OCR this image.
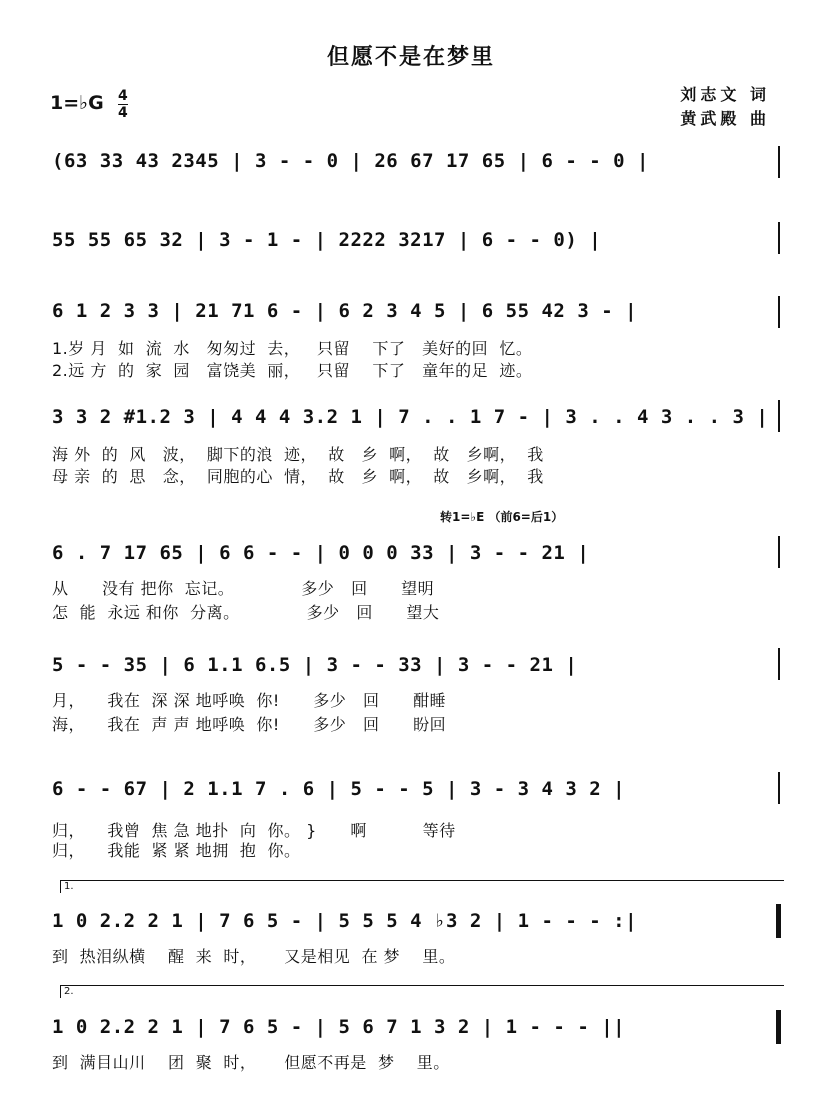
但愿不是在梦里
1=♭G $\frac{4}{4}$	刘志文 词
黄武殿 曲
(63 33 43 2345 | 3 - - 0 | 26 67 17 65 | 6 - - 0 |
55 55 65 32 | 3 - 1 - | 2222 3217 | 6 - - 0) |
6 1 2 3 3 | 21 71 6 - | 6 2 3 4 5 | 6 55 42 3 - |
1.岁 月  如  流  水   匆匆过  去，   只留    下了   美好的回  忆。
2.远 方  的  家  园   富饶美  丽，   只留    下了   童年的足  迹。
3 3 2 #1.2 3 | 4 4 4 3.2 1 | 7 . . 1 7 - | 3 . . 4 3 . . 3 |
海 外  的  风   波，  脚下的浪  迹，  故   乡  啊，  故   乡啊，  我
母 亲  的  思   念，  同胞的心  情，  故   乡  啊，  故   乡啊，  我
转1=♭E （前6=后1）
6 . 7 17 65 | 6 6 - - | 0 0 0 33 | 3 - - 21 |
从      没有 把你  忘记。            多少   回      望明
怎  能  永远 和你  分离。            多少   回      望大
5 - - 35 | 6 1.1 6.5 | 3 - - 33 | 3 - - 21 |
月，    我在  深 深 地呼唤  你!      多少   回      酣睡
海，    我在  声 声 地呼唤  你!      多少   回      盼回
6 - - 67 | 2 1.1 7 . 6 | 5 - - 5 | 3 - 3 4 3 2 |
归，    我曾  焦 急 地扑  向  你。 }      啊          等待
归，    我能  紧 紧 地拥  抱  你。
1.
1 0 2.2 2 1 | 7 6 5 - | 5 5 5 4 ♭3 2 | 1 - - - :|
到  热泪纵横    醒  来  时，     又是相见  在 梦    里。
2.
1 0 2.2 2 1 | 7 6 5 - | 5 6 7 1 3 2 | 1 - - - ||
到  满目山川    团  聚  时，     但愿不再是  梦    里。
